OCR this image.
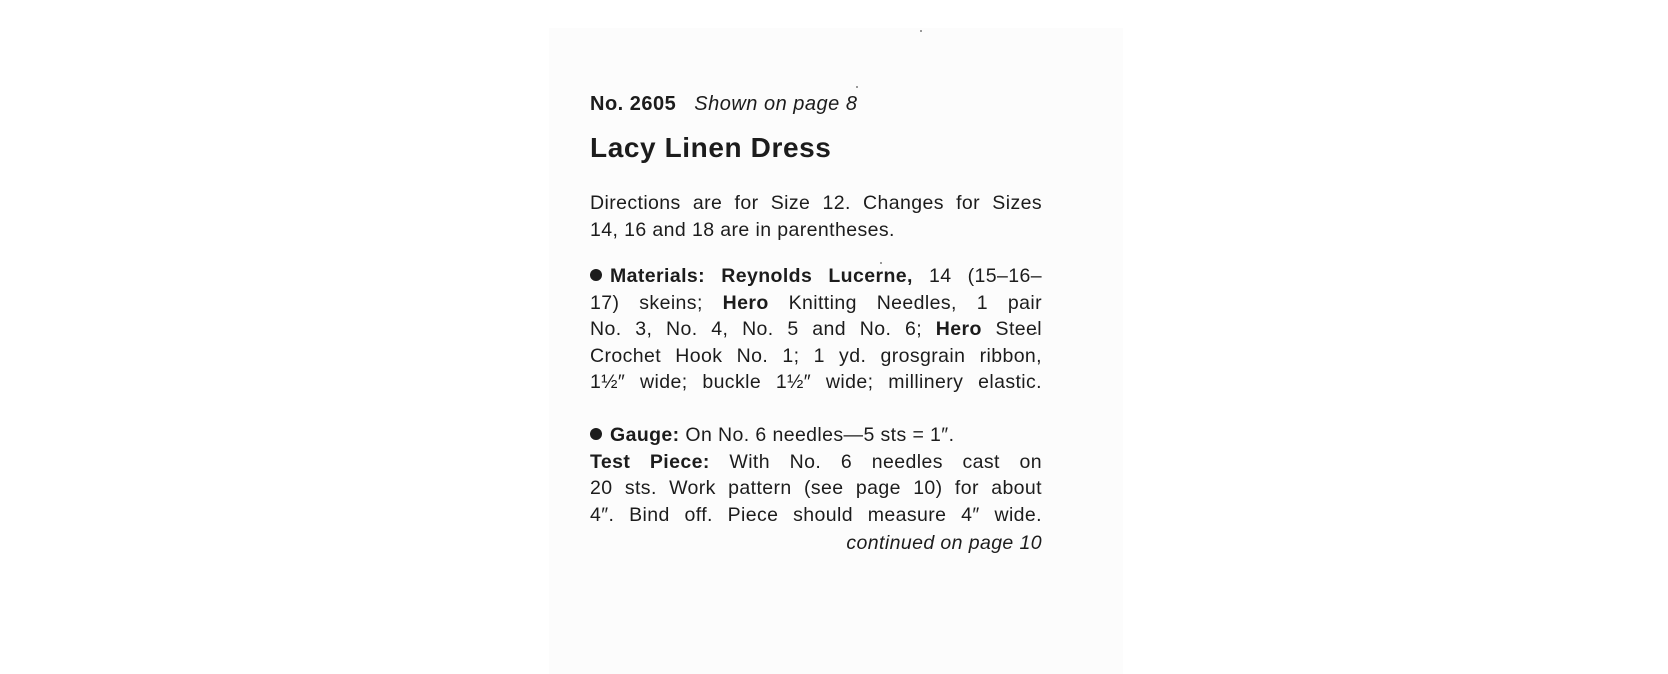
No. 2605 Shown on page 8
Lacy Linen Dress
Directions are for Size 12. Changes for Sizes
14, 16 and 18 are in parentheses.
Materials: Reynolds Lucerne, 14 (15–16–
17) skeins; Hero Knitting Needles, 1 pair
No. 3, No. 4, No. 5 and No. 6; Hero Steel
Crochet Hook No. 1; 1 yd. grosgrain ribbon,
1½″ wide; buckle 1½″ wide; millinery elastic.
Gauge: On No. 6 needles—5 sts = 1″.
Test Piece: With No. 6 needles cast on
20 sts. Work pattern (see page 10) for about
4″. Bind off. Piece should measure 4″ wide.
continued on page 10
